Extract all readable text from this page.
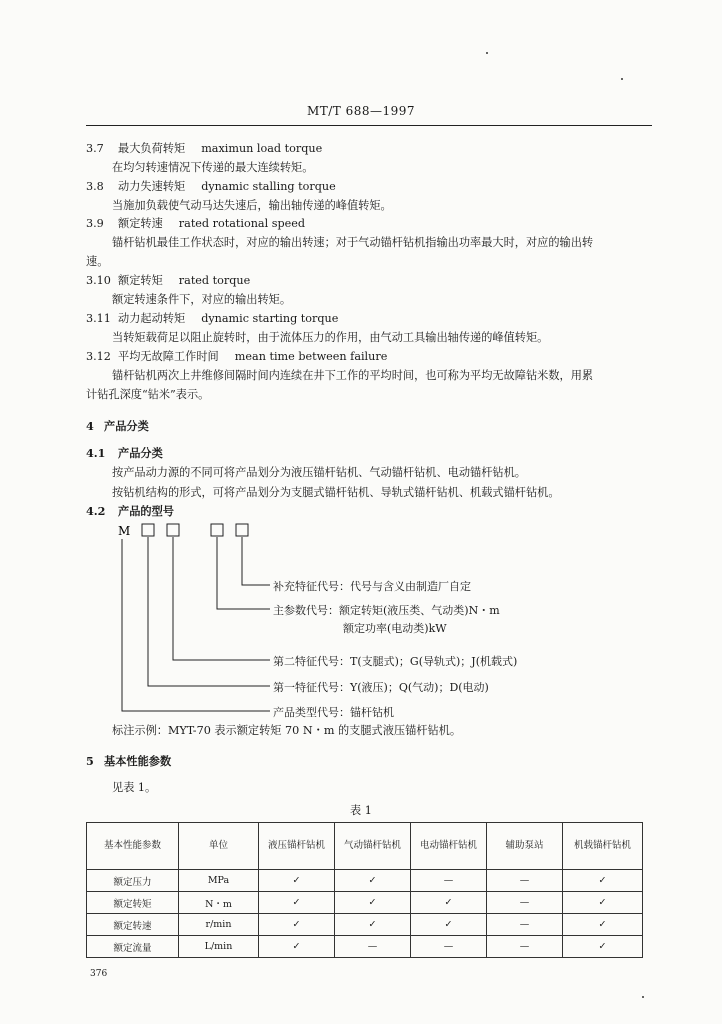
MT/T 688—1997
3.7 最大负荷转矩 maximun load torque
在均匀转速情况下传递的最大连续转矩。
3.8 动力失速转矩 dynamic stalling torque
当施加负载使气动马达失速后，输出轴传递的峰值转矩。
3.9 额定转速 rated rotational speed
锚杆钻机最佳工作状态时，对应的输出转速；对于气动锚杆钻机指输出功率最大时，对应的输出转
速。
3.10 额定转矩 rated torque
额定转速条件下，对应的输出转矩。
3.11 动力起动转矩 dynamic starting torque
当转矩载荷足以阻止旋转时，由于流体压力的作用，由气动工具输出轴传递的峰值转矩。
3.12 平均无故障工作时间 mean time between failure
锚杆钻机两次上井维修间隔时间内连续在井下工作的平均时间，也可称为平均无故障钻米数，用累
计钻孔深度“钻米”表示。
4 产品分类
4.1 产品分类
按产品动力源的不同可将产品划分为液压锚杆钻机、气动锚杆钻机、电动锚杆钻机。
按钻机结构的形式，可将产品划分为支腿式锚杆钻机、导轨式锚杆钻机、机载式锚杆钻机。
4.2 产品的型号
M
补充特征代号：代号与含义由制造厂自定
主参数代号：额定转矩(液压类、气动类)N・m
额定功率(电动类)kW
第二特征代号：T(支腿式)；G(导轨式)；J(机载式)
第一特征代号：Y(液压)；Q(气动)；D(电动)
产品类型代号：锚杆钻机
标注示例：MYT-70 表示额定转矩 70 N・m 的支腿式液压锚杆钻机。
5 基本性能参数
见表 1。
表 1
基本性能参数	单位	液压锚杆钻机	气动锚杆钻机	电动锚杆钻机	辅助泵站	机载锚杆钻机
额定压力	MPa	✓	✓	—	—	✓
额定转矩	N・m	✓	✓	✓	—	✓
额定转速	r/min	✓	✓	✓	—	✓
额定流量	L/min	✓	—	—	—	✓
376
